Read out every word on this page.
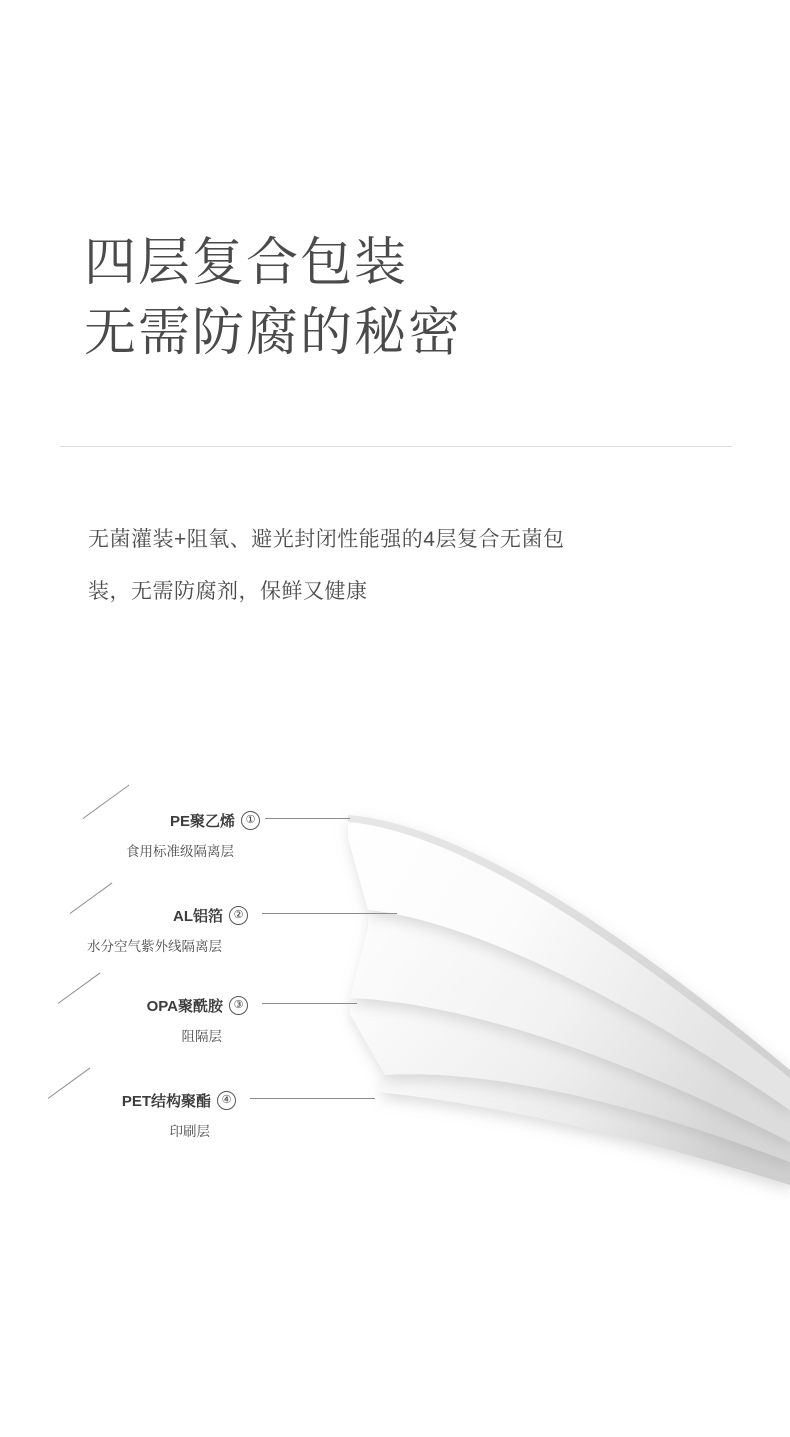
四层复合包装
无需防腐的秘密
无菌灌装+阻氧、避光封闭性能强的4层复合无菌包
装，无需防腐剂，保鲜又健康
PE聚乙烯 ①
食用标准级隔离层
AL铝箔 ②
水分空气紫外线隔离层
OPA聚酰胺 ③
阻隔层
PET结构聚酯 ④
印刷层
